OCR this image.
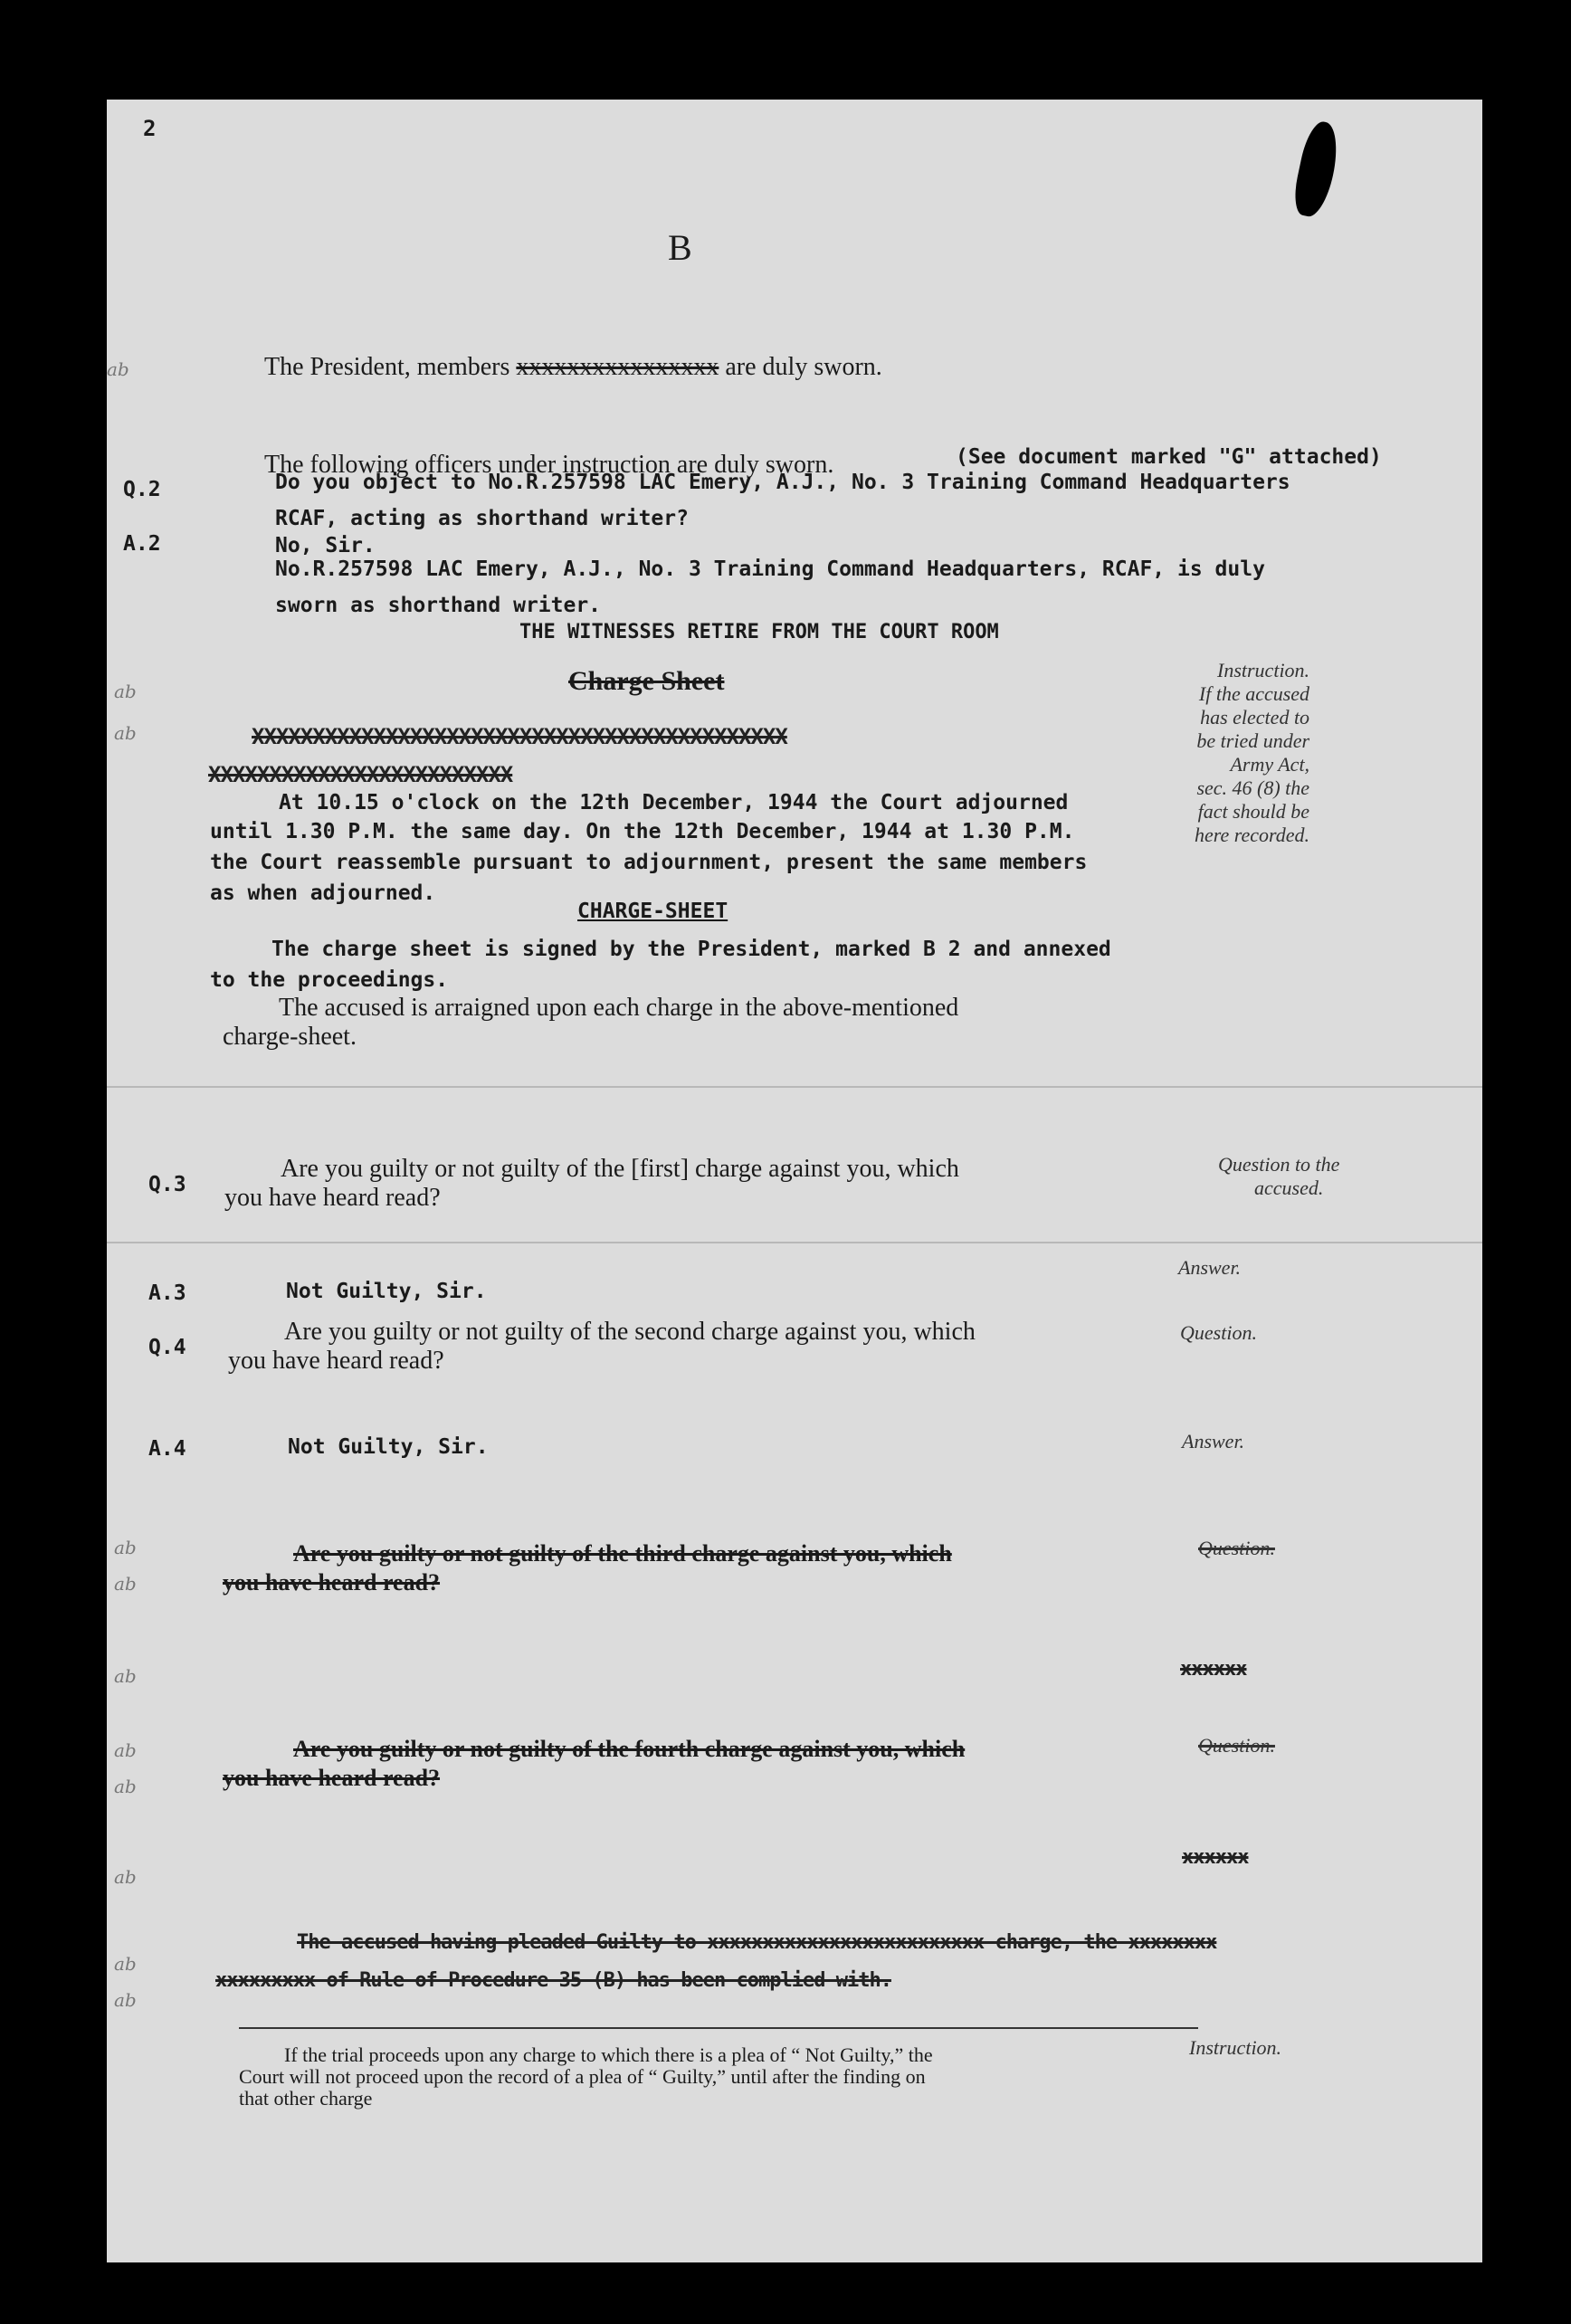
2
B
The President, members xxxxxxxxxxxxxxxx are duly sworn.
The following officers under instruction are duly sworn.	(See document marked "G" attached)
Q.2	Do you object to No.R.257598 LAC Emery, A.J., No. 3 Training Command Headquarters
RCAF, acting as shorthand writer?
A.2	No, Sir.
No.R.257598 LAC Emery, A.J., No. 3 Training Command Headquarters, RCAF, is duly
sworn as shorthand writer.
THE WITNESSES RETIRE FROM THE COURT ROOM
Charge Sheet
XXXXXXXXXXXXXXXXXXXXXXXXXXXXXXXXXXXXXXXXXXXX
XXXXXXXXXXXXXXXXXXXXXXXXX
At 10.15 o'clock on the 12th December, 1944 the Court adjourned
until 1.30 P.M. the same day. On the 12th December, 1944 at 1.30 P.M.
the Court reassemble pursuant to adjournment, present the same members
as when adjourned.
Instruction.
If the accused
has elected to
be tried under
Army Act,
sec. 46 (8) the
fact should be
here recorded.
CHARGE-SHEET
The charge sheet is signed by the President, marked B 2 and annexed
to the proceedings.
The accused is arraigned upon each charge in the above-mentioned
charge-sheet.
Q.3
Are you guilty or not guilty of the [first] charge against you, which
you have heard read?
Question to the
accused.
Answer.
A.3	Not Guilty, Sir.
Q.4
Are you guilty or not guilty of the second charge against you, which
you have heard read?
Question.
A.4	Not Guilty, Sir.	Answer.
Are you guilty or not guilty of the third charge against you, which
you have heard read?
Question.
xxxxxx
Are you guilty or not guilty of the fourth charge against you, which
you have heard read?
Question.
xxxxxx
The accused having pleaded Guilty to xxxxxxxxxxxxxxxxxxxxxxxxx charge, the xxxxxxxx
xxxxxxxxx of Rule of Procedure 35 (B) has been complied with.
If the trial proceeds upon any charge to which there is a plea of “ Not Guilty,” the
Court will not proceed upon the record of a plea of “ Guilty,” until after the finding on
that other charge
Instruction.
ab
ab
ab
ab
ab
ab
ab
ab
ab
ab
ab
